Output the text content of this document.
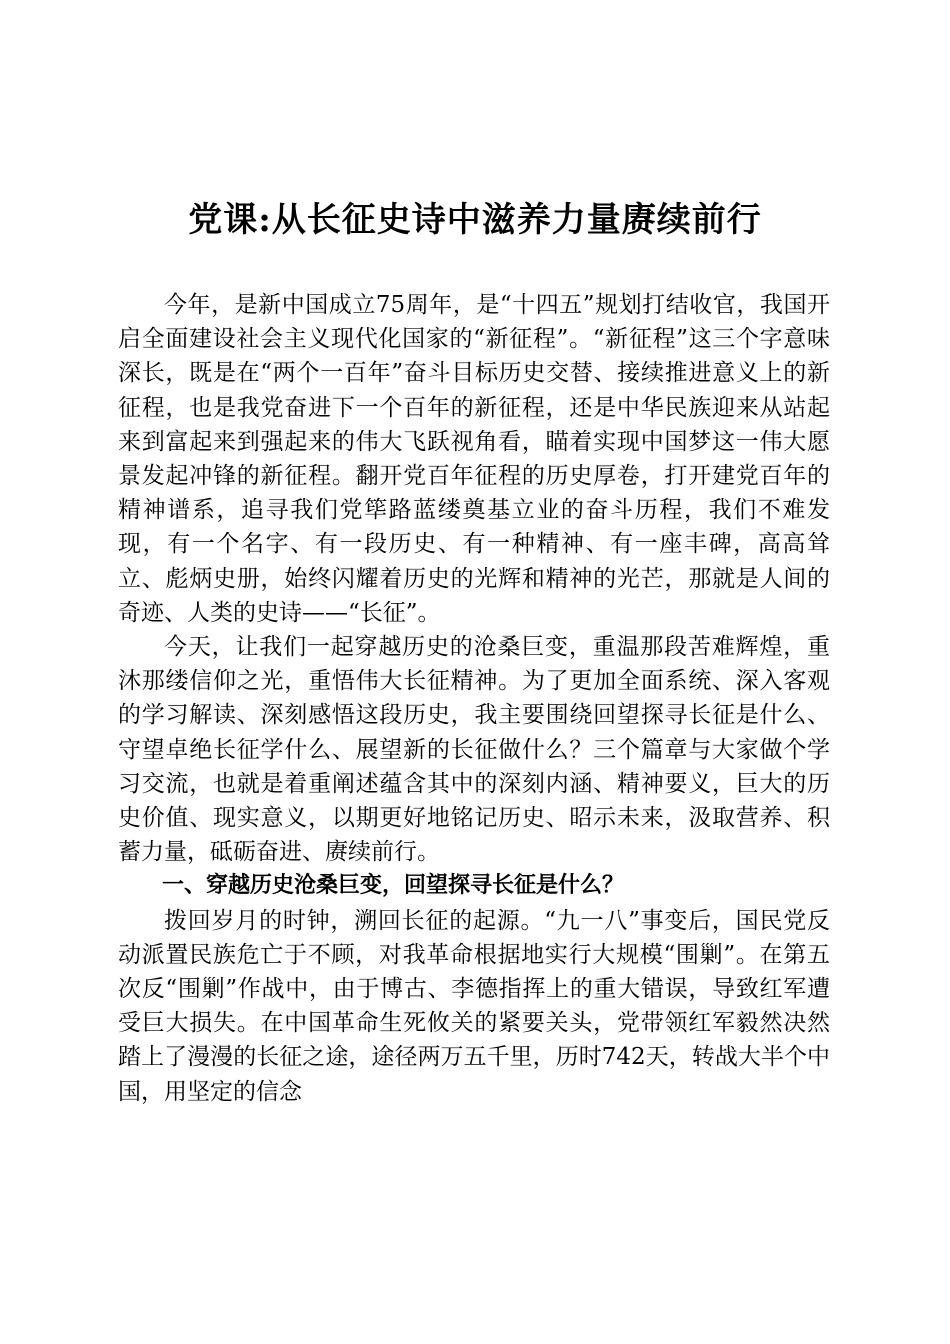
党课:从长征史诗中滋养力量赓续前行

今年，是新中国成立75周年，是“十四五”规划打结收官，我国开启全面建设社会主义现代化国家的“新征程”。“新征程”这三个字意味深长，既是在“两个一百年”奋斗目标历史交替、接续推进意义上的新征程，也是我党奋进下一个百年的新征程，还是中华民族迎来从站起来到富起来到强起来的伟大飞跃视角看，瞄着实现中国梦这一伟大愿景发起冲锋的新征程。翻开党百年征程的历史厚卷，打开建党百年的精神谱系，追寻我们党筚路蓝缕奠基立业的奋斗历程，我们不难发现，有一个名字、有一段历史、有一种精神、有一座丰碑，高高耸立、彪炳史册，始终闪耀着历史的光辉和精神的光芒，那就是人间的奇迹、人类的史诗——“长征”。

今天，让我们一起穿越历史的沧桑巨变，重温那段苦难辉煌，重沐那缕信仰之光，重悟伟大长征精神。为了更加全面系统、深入客观的学习解读、深刻感悟这段历史，我主要围绕回望探寻长征是什么、守望卓绝长征学什么、展望新的长征做什么？三个篇章与大家做个学习交流，也就是着重阐述蕴含其中的深刻内涵、精神要义，巨大的历史价值、现实意义，以期更好地铭记历史、昭示未来，汲取营养、积蓄力量，砥砺奋进、赓续前行。

一、穿越历史沧桑巨变，回望探寻长征是什么？

拨回岁月的时钟，溯回长征的起源。“九一八”事变后，国民党反动派置民族危亡于不顾，对我革命根据地实行大规模“围剿”。在第五次反“围剿”作战中，由于博古、李德指挥上的重大错误，导致红军遭受巨大损失。在中国革命生死攸关的紧要关头，党带领红军毅然决然踏上了漫漫的长征之途，途径两万五千里，历时742天，转战大半个中国，用坚定的信念
